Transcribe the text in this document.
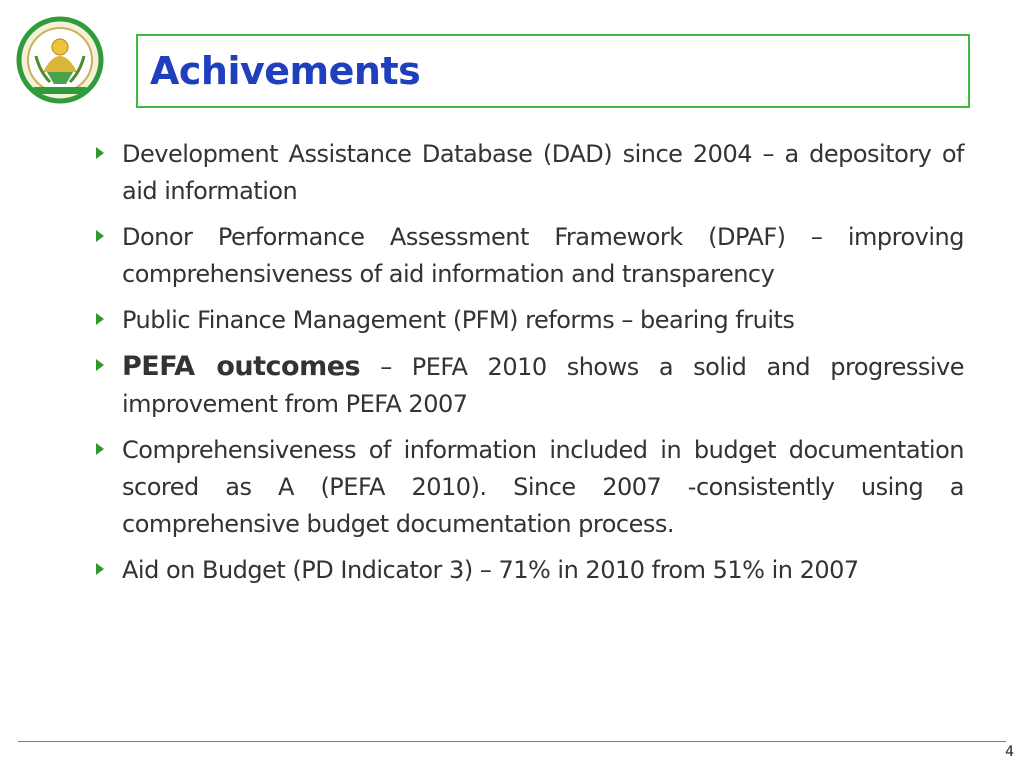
Achivements
Development Assistance Database (DAD) since 2004 – a depository of aid information
Donor Performance Assessment Framework (DPAF) – improving comprehensiveness of aid information and transparency
Public Finance Management (PFM) reforms – bearing fruits
PEFA outcomes – PEFA 2010 shows a solid and progressive improvement from PEFA 2007
Comprehensiveness of information included in budget documentation scored as A (PEFA 2010). Since 2007 -consistently using a comprehensive budget documentation process.
Aid on Budget (PD Indicator 3) – 71% in 2010 from 51% in 2007
4
